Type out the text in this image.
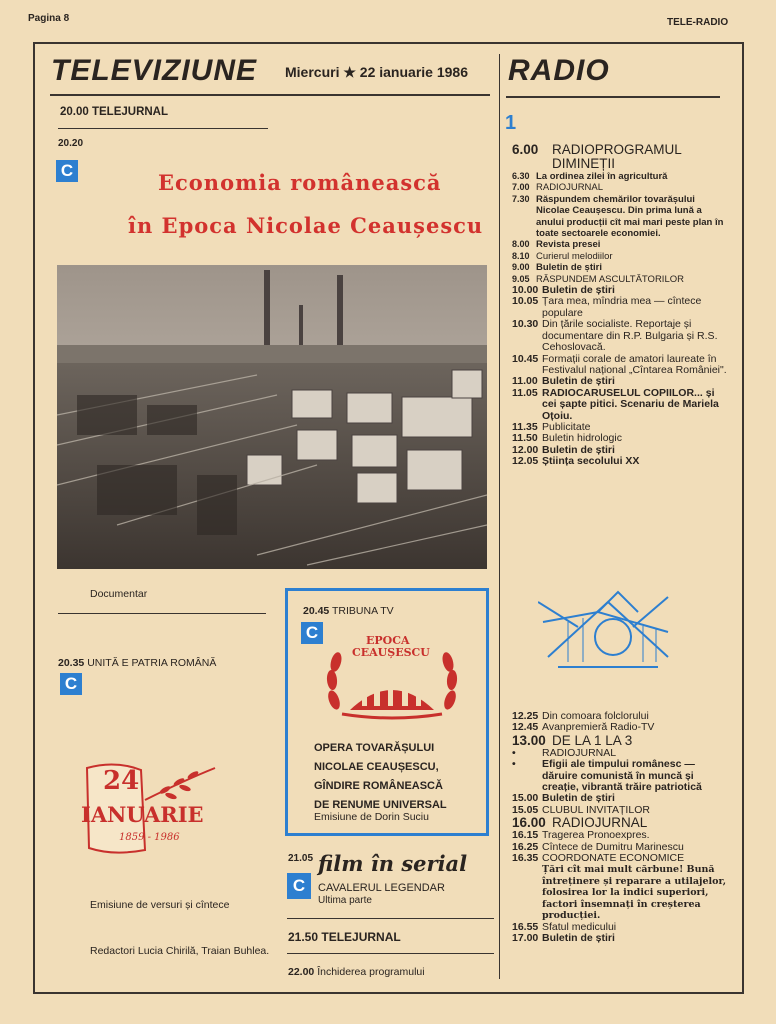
Pagina 8	TELE-RADIO
TELEVIZIUNE Miercuri ★ 22 ianuarie 1986 RADIO
20.00 TELEJURNAL
20.20
C	Economia românească
în Epoca Nicolae Ceaușescu
Documentar
20.35 UNITĂ E PATRIA ROMÂNĂ
C
24
IANUARIE
1859 - 1986
Emisiune de versuri și cîntece
Redactori Lucia Chirilă, Traian Buhlea.
20.45 TRIBUNA TV
C	EPOCA
CEAUȘESCU
OPERA TOVARĂȘULUI
NICOLAE CEAUȘESCU,
GÎNDIRE ROMÂNEASCĂ
DE RENUME UNIVERSAL
Emisiune de Dorin Suciu
21.05 film în serial
C	CAVALERUL LEGENDAR
Ultima parte
21.50 TELEJURNAL
22.00 Închiderea programului
1
6.00	RADIOPROGRAMUL DIMINEȚII
6.30 La ordinea zilei în agricultură
7.00 RADIOJURNAL
7.30 Răspundem chemărilor tovarășului Nicolae Ceaușescu. Din prima lună a anului producții cît mai mari peste plan în toate sectoarele economiei.
8.00 Revista presei
8.10 Curierul melodiilor
9.00 Buletin de știri
9.05 RĂSPUNDEM ASCULTĂTORILOR
10.00 Buletin de știri
10.05 Țara mea, mîndria mea — cîntece populare
10.30 Din țările socialiste. Reportaje și documentare din R.P. Bulgaria și R.S. Cehoslovacă.
10.45 Formații corale de amatori laureate în Festivalul național „Cîntarea României".
11.00 Buletin de știri
11.05 RADIOCARUSELUL COPIILOR... și cei șapte pitici. Scenariu de Mariela Oțoiu.
11.35 Publicitate
11.50 Buletin hidrologic
12.00 Buletin de știri
12.05 Știința secolului XX
12.25 Din comoara folclorului
12.45 Avanpremieră Radio-TV
13.00 DE LA 1 LA 3
•	RADIOJURNAL
•	Efigii ale timpului românesc — dăruire comunistă în muncă și creație, vibrantă trăire patriotică
15.00 Buletin de știri
15.05 CLUBUL INVITAȚILOR
16.00 RADIOJURNAL
16.15 Tragerea Pronoexpres.
16.25 Cîntece de Dumitru Marinescu
16.35 COORDONATE ECONOMICE
Țări cît mai mult cărbune! Bună întreținere și reparare a utilajelor, folosirea lor la indici superiori, factori însemnați în creșterea producției.
16.55 Sfatul medicului
17.00 Buletin de știri
